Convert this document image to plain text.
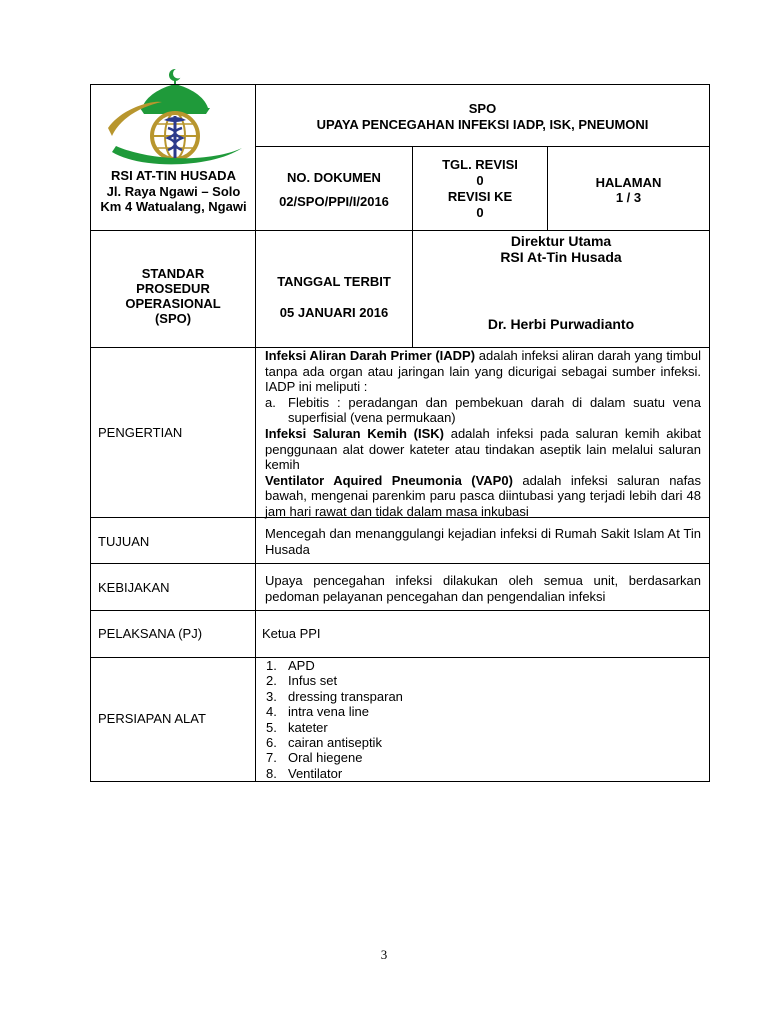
RSI AT-TIN HUSADA
Jl. Raya Ngawi – Solo Km 4 Watualang, Ngawi
SPO
UPAYA PENCEGAHAN INFEKSI IADP, ISK, PNEUMONI
NO. DOKUMEN
02/SPO/PPI/I/2016
TGL. REVISI
0
REVISI KE
0
HALAMAN
1 / 3
STANDAR PROSEDUR OPERASIONAL (SPO)
TANGGAL TERBIT
05 JANUARI 2016
Direktur Utama
RSI At-Tin Husada
Dr. Herbi Purwadianto
PENGERTIAN
Infeksi Aliran Darah Primer (IADP) adalah infeksi aliran darah yang timbul tanpa ada organ atau jaringan lain yang dicurigai sebagai sumber infeksi. IADP ini meliputi :
a. Flebitis : peradangan dan pembekuan darah di dalam suatu vena superfisial (vena permukaan)
Infeksi Saluran Kemih (ISK) adalah infeksi pada saluran kemih akibat penggunaan alat dower kateter atau tindakan aseptik lain melalui saluran kemih
Ventilator Aquired Pneumonia (VAP0) adalah infeksi saluran nafas bawah, mengenai parenkim paru pasca diintubasi yang terjadi lebih dari 48 jam hari rawat dan tidak dalam masa inkubasi
TUJUAN
Mencegah dan menanggulangi kejadian infeksi di Rumah Sakit Islam At Tin Husada
KEBIJAKAN	Upaya pencegahan infeksi dilakukan oleh semua unit, berdasarkan pedoman pelayanan pencegahan dan pengendalian infeksi
PELAKSANA (PJ)	Ketua PPI
PERSIAPAN ALAT
1. APD
2. Infus set
3. dressing transparan
4. intra vena line
5. kateter
6. cairan antiseptik
7. Oral hiegene
8. Ventilator
3
